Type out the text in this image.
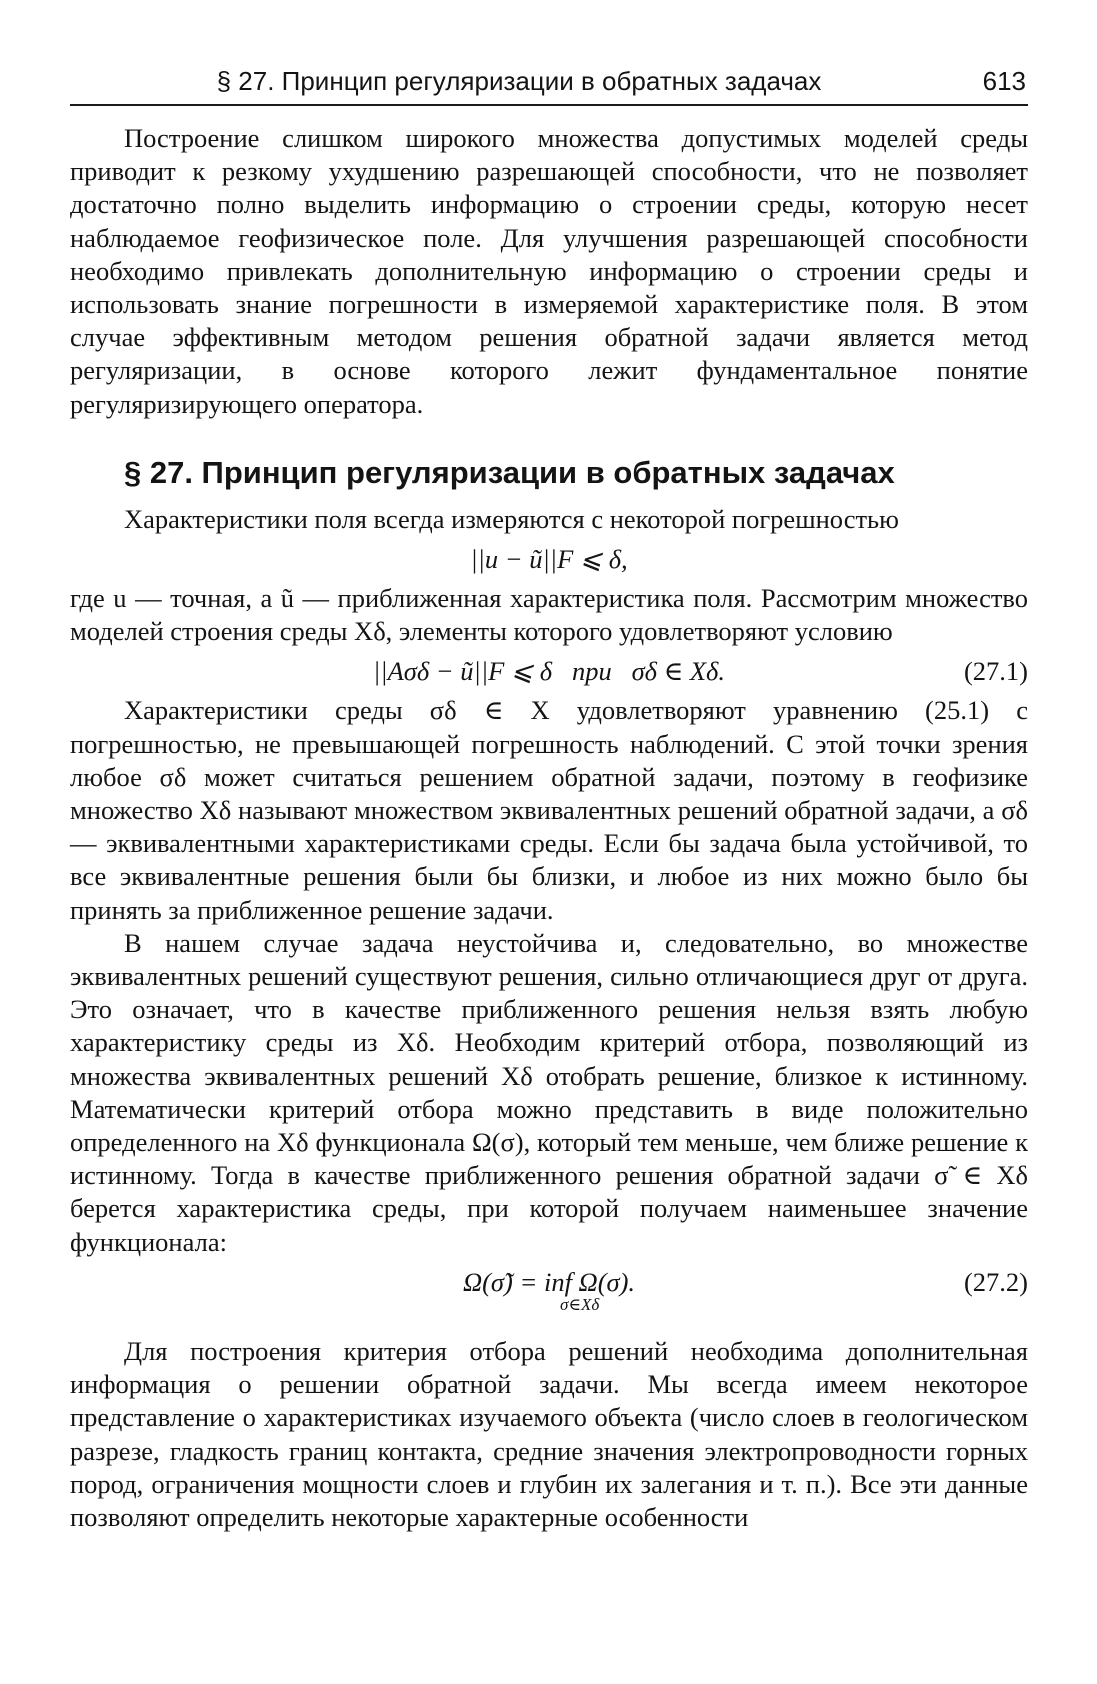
§ 27. Принцип регуляризации в обратных задачах	613

Построение слишком широкого множества допустимых моделей среды приводит к резкому ухудшению разрешающей способности, что не позволяет достаточно полно выделить информацию о строении среды, которую несет наблюдаемое геофизическое поле. Для улучшения разрешающей способности необходимо привлекать дополнительную информацию о строении среды и использовать знание погрешности в измеряемой характеристике поля. В этом случае эффективным методом решения обратной задачи является метод регуляризации, в основе которого лежит фундаментальное понятие регуляризирующего оператора.

§ 27. Принцип регуляризации в обратных задачах

Характеристики поля всегда измеряются с некоторой погрешностью

||u − ũ||F ⩽ δ,

где u — точная, а ũ — приближенная характеристика поля. Рассмотрим множество моделей строения среды Xδ, элементы которого удовлетворяют условию

||Aσδ − ũ||F ⩽ δ   при   σδ ∈ Xδ.	(27.1)

Характеристики среды σδ ∈ X удовлетворяют уравнению (25.1) с погрешностью, не превышающей погрешность наблюдений. С этой точки зрения любое σδ может считаться решением обратной задачи, поэтому в геофизике множество Xδ называют множеством эквивалентных решений обратной задачи, а σδ — эквивалентными характеристиками среды. Если бы задача была устойчивой, то все эквивалентные решения были бы близки, и любое из них можно было бы принять за приближенное решение задачи.

В нашем случае задача неустойчива и, следовательно, во множестве эквивалентных решений существуют решения, сильно отличающиеся друг от друга. Это означает, что в качестве приближенного решения нельзя взять любую характеристику среды из Xδ. Необходим критерий отбора, позволяющий из множества эквивалентных решений Xδ отобрать решение, близкое к истинному. Математически критерий отбора можно представить в виде положительно определенного на Xδ функционала Ω(σ), который тем меньше, чем ближе решение к истинному. Тогда в качестве приближенного решения обратной задачи σ̃ ∈ Xδ берется характеристика среды, при которой получаем наименьшее значение функционала:

Ω(σ̃) = inf Ω(σ).	(27.2)
σ∈Xδ

Для построения критерия отбора решений необходима дополнительная информация о решении обратной задачи. Мы всегда имеем некоторое представление о характеристиках изучаемого объекта (число слоев в геологическом разрезе, гладкость границ контакта, средние значения электропроводности горных пород, ограничения мощности слоев и глубин их залегания и т. п.). Все эти данные позволяют определить некоторые характерные особенности
